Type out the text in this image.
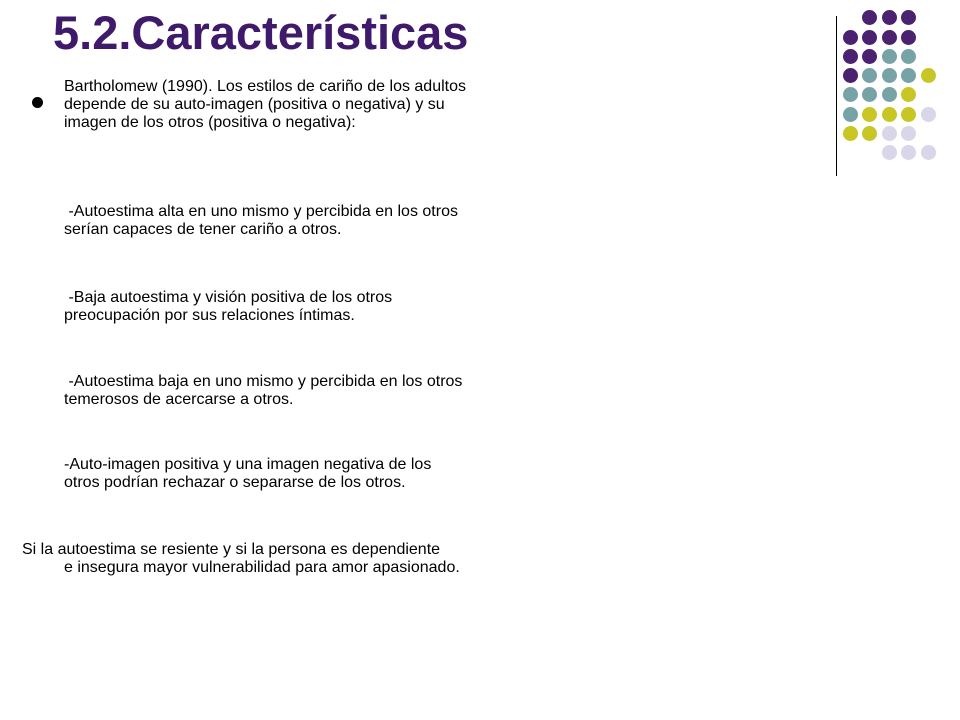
5.2.Características

Bartholomew (1990). Los estilos de cariño de los adultos
depende de su auto-imagen (positiva o negativa) y su
imagen de los otros (positiva o negativa):

-Autoestima alta en uno mismo y percibida en los otros
serían capaces de tener cariño a otros.

-Baja autoestima y visión positiva de los otros
preocupación por sus relaciones íntimas.

-Autoestima baja en uno mismo y percibida en los otros
temerosos de acercarse a otros.

-Auto-imagen positiva y una imagen negativa de los
otros podrían rechazar o separarse de los otros.

Si la autoestima se resiente y si la persona es dependiente
e insegura mayor vulnerabilidad para amor apasionado.
